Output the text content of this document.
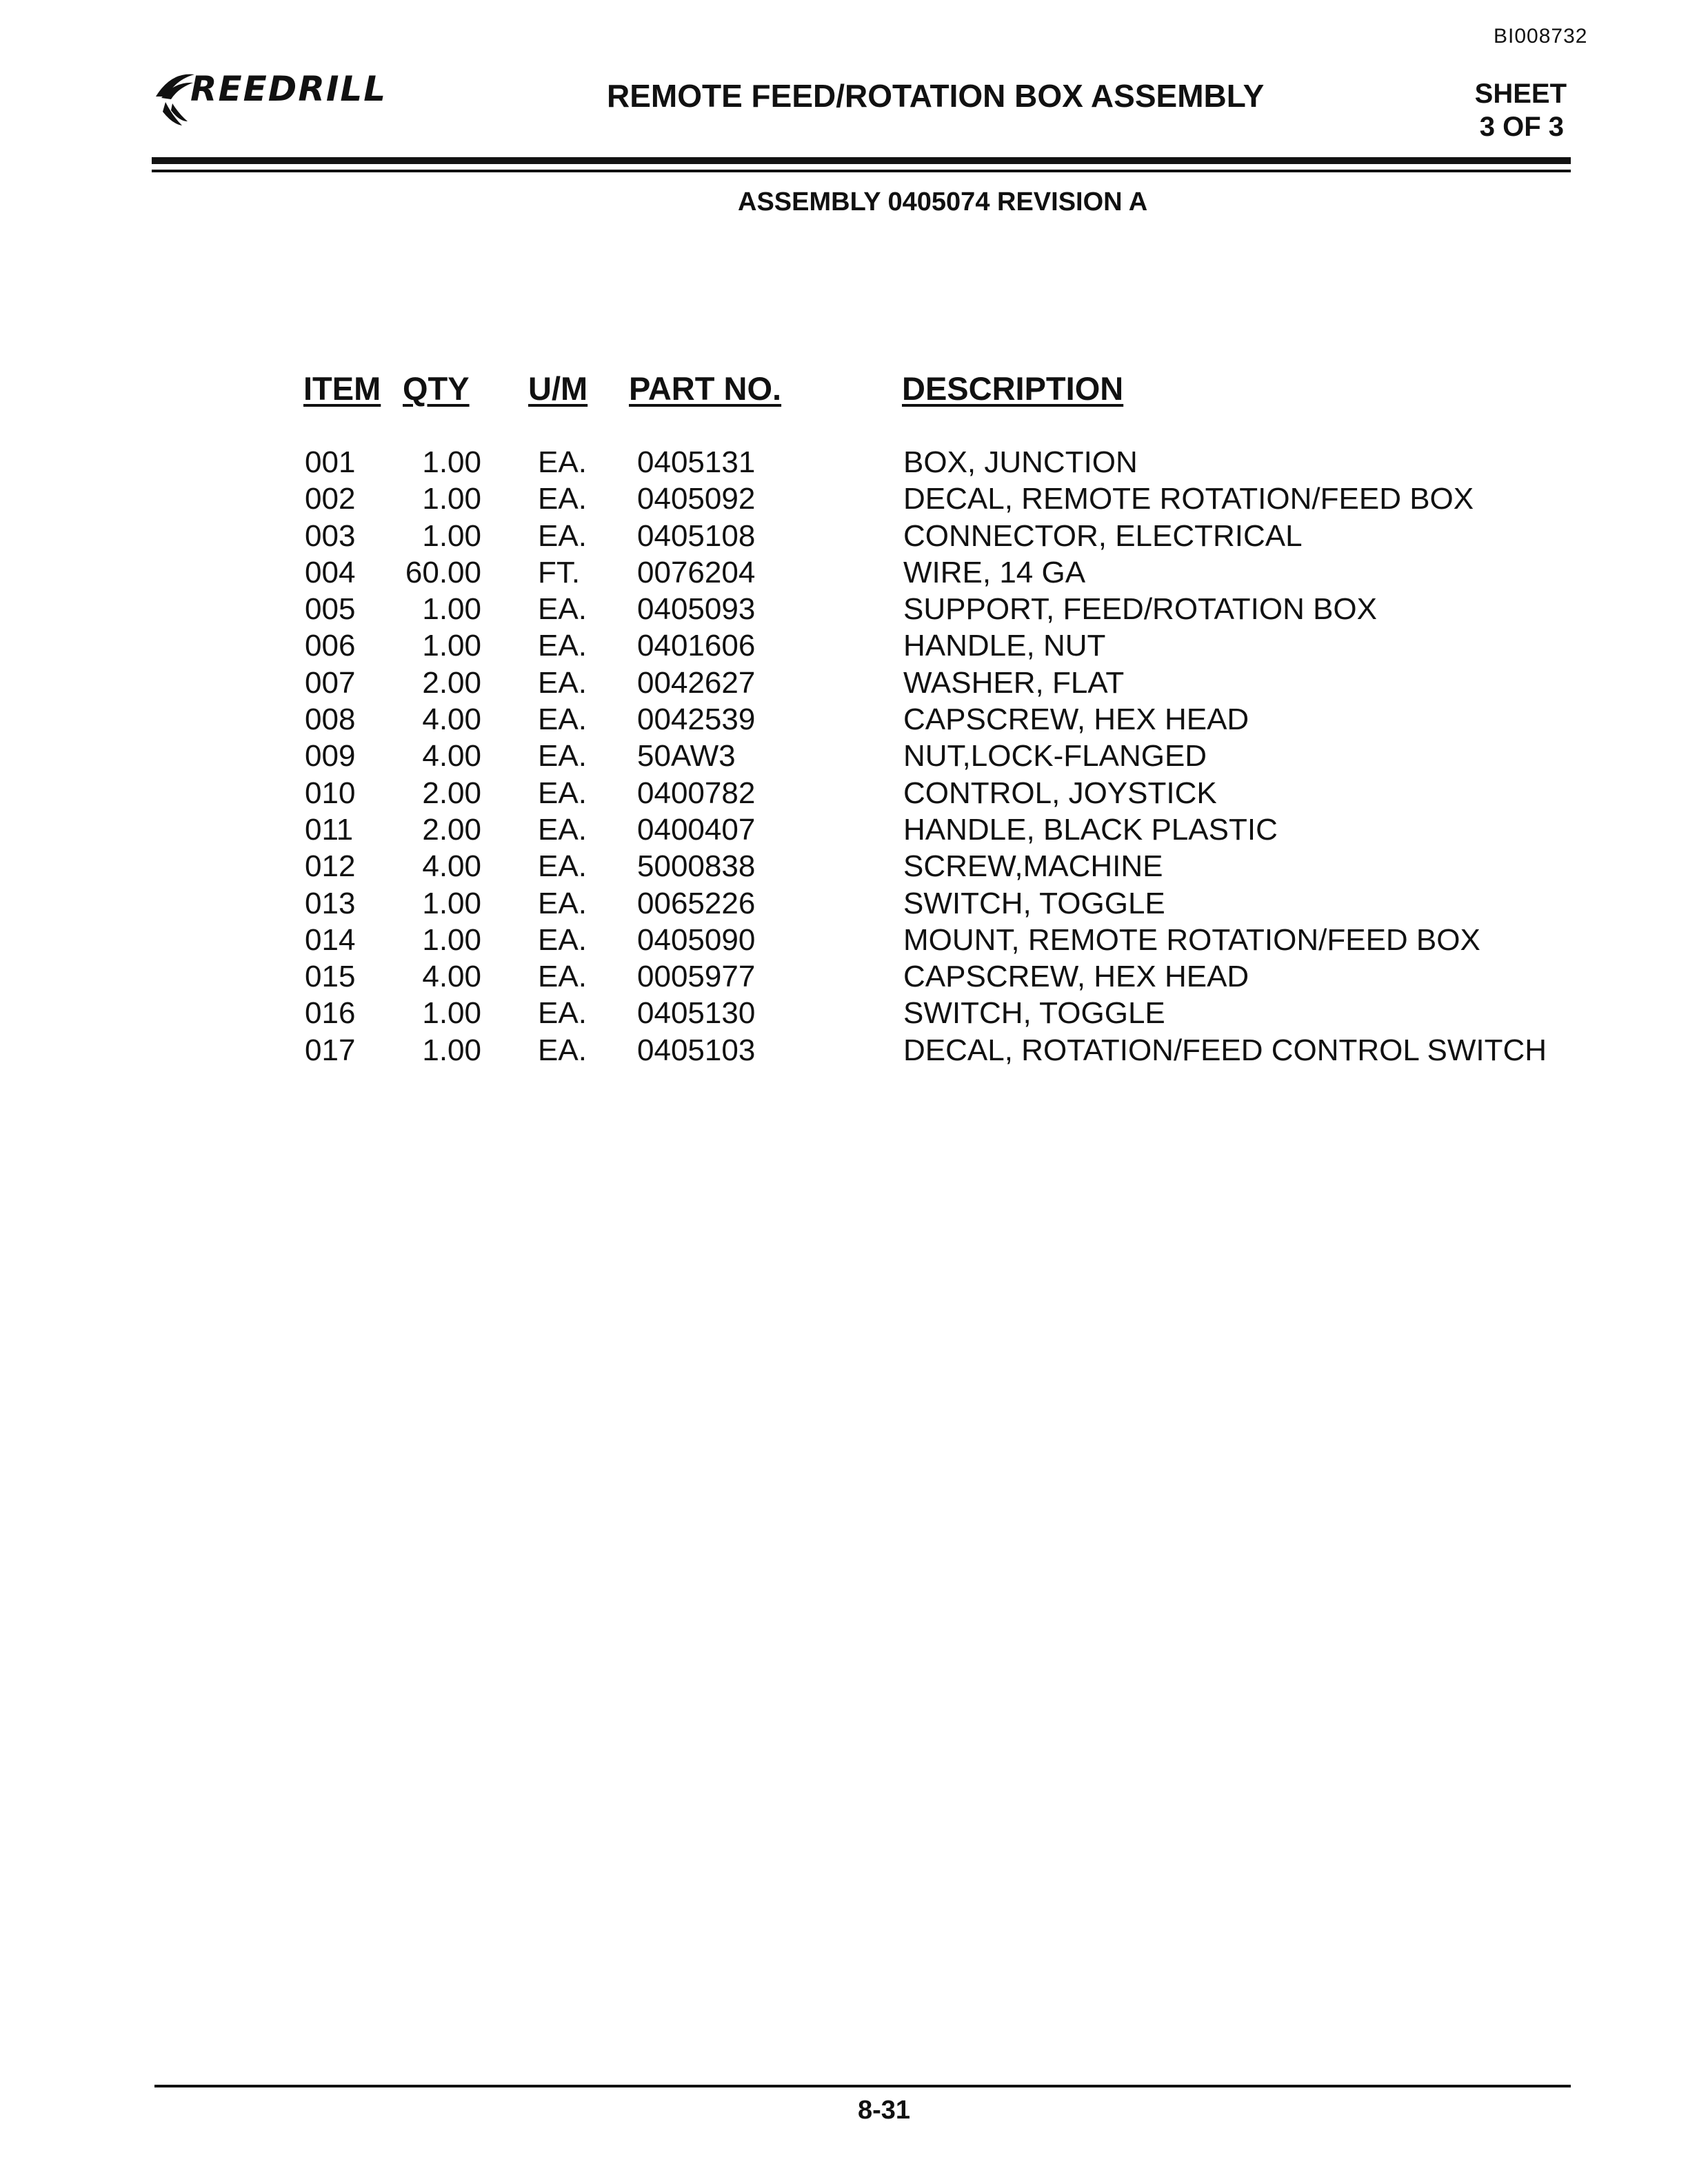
BI008732
REEDRILL	REMOTE FEED/ROTATION BOX ASSEMBLY	SHEET
3 OF 3
ASSEMBLY 0405074 REVISION A
ITEM QTY U/M PART NO.	DESCRIPTION
001	1.00 EA. 0405131	BOX, JUNCTION
002	1.00 EA. 0405092	DECAL, REMOTE ROTATION/FEED BOX
003	1.00 EA. 0405108	CONNECTOR, ELECTRICAL
004 60.00 FT. 0076204	WIRE, 14 GA
005	1.00 EA. 0405093	SUPPORT, FEED/ROTATION BOX
006	1.00 EA. 0401606	HANDLE, NUT
007	2.00 EA. 0042627	WASHER, FLAT
008	4.00 EA. 0042539	CAPSCREW, HEX HEAD
009	4.00 EA. 50AW3	NUT,LOCK-FLANGED
010	2.00 EA. 0400782	CONTROL, JOYSTICK
011	2.00 EA. 0400407	HANDLE, BLACK PLASTIC
012	4.00 EA. 5000838	SCREW,MACHINE
013	1.00 EA. 0065226	SWITCH, TOGGLE
014	1.00 EA. 0405090	MOUNT, REMOTE ROTATION/FEED BOX
015	4.00 EA. 0005977	CAPSCREW, HEX HEAD
016	1.00 EA. 0405130	SWITCH, TOGGLE
017	1.00 EA. 0405103	DECAL, ROTATION/FEED CONTROL SWITCH
8-31
